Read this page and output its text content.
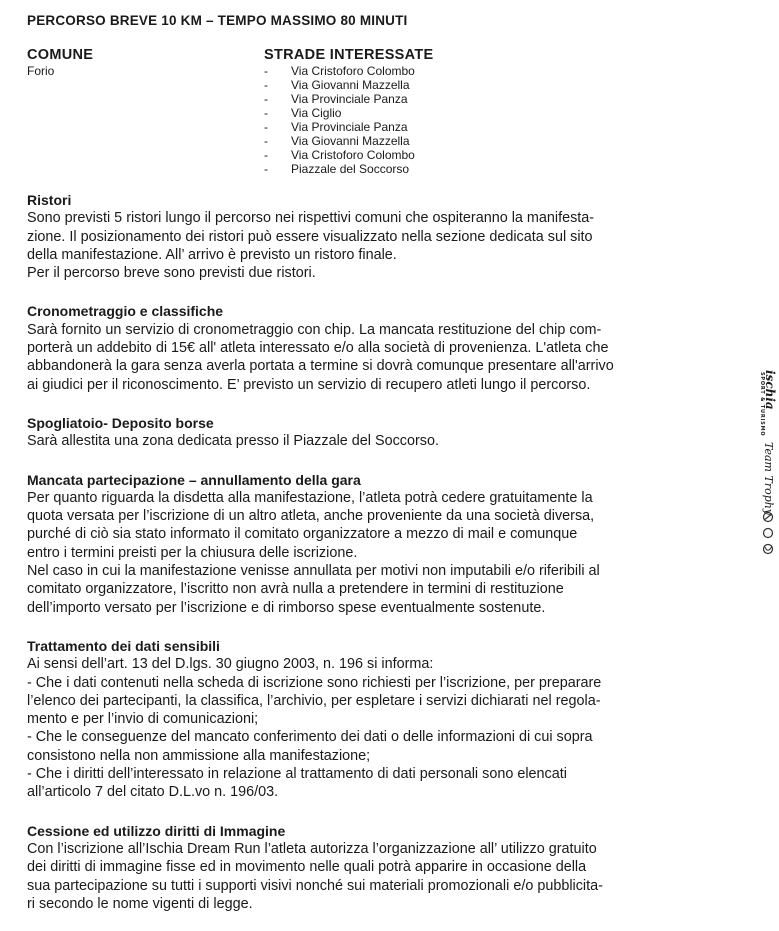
PERCORSO BREVE 10 KM – TEMPO MASSIMO 80 MINUTI
COMUNE
Forio
STRADE INTERESSATE
-	Via Cristoforo Colombo
-	Via Giovanni Mazzella
-	Via Provinciale Panza
-	Via Ciglio
-	Via Provinciale Panza
-	Via Giovanni Mazzella
-	Via Cristoforo Colombo
-	Piazzale del Soccorso
Ristori

Sono previsti 5 ristori lungo il percorso nei rispettivi comuni che ospiteranno la manifesta-

zione. Il posizionamento dei ristori può essere visualizzato nella sezione dedicata sul sito

della manifestazione. All’ arrivo è previsto un ristoro finale.

Per il percorso breve sono previsti due ristori.

Cronometraggio e classifiche

Sarà fornito un servizio di cronometraggio con chip. La mancata restituzione del chip com-

porterà un addebito di 15€ all' atleta interessato e/o alla società di provenienza. L'atleta che

abbandonerà la gara senza averla portata a termine si dovrà comunque presentare all'arrivo

ai giudici per il riconoscimento. E’ previsto un servizio di recupero atleti lungo il percorso.

Spogliatoio- Deposito borse

Sarà allestita una zona dedicata presso il Piazzale del Soccorso.

Mancata partecipazione – annullamento della gara

Per quanto riguarda la disdetta alla manifestazione, l’atleta potrà cedere gratuitamente la

quota versata per l’iscrizione di un altro atleta, anche proveniente da una società diversa,

purché di ciò sia stato informato il comitato organizzatore a mezzo di mail e comunque

entro i termini preisti per la chiusura delle iscrizione.

Nel caso in cui la manifestazione venisse annullata per motivi non imputabili e/o riferibili al

comitato organizzatore, l’iscritto non avrà nulla a pretendere in termini di restituzione

dell’importo versato per l’iscrizione e di rimborso spese eventualmente sostenute.

Trattamento dei dati sensibili

Ai sensi dell’art. 13 del D.lgs. 30 giugno 2003, n. 196 si informa:

- Che i dati contenuti nella scheda di iscrizione sono richiesti per l’iscrizione, per preparare

l’elenco dei partecipanti, la classifica, l’archivio, per espletare i servizi dichiarati nel regola-

mento e per l’invio di comunicazioni;

- Che le conseguenze del mancato conferimento dei dati o delle informazioni di cui sopra

consistono nella non ammissione alla manifestazione;

- Che i diritti dell’interessato in relazione al trattamento di dati personali sono elencati

all’articolo 7 del citato D.L.vo n. 196/03.

Cessione ed utilizzo diritti di Immagine

Con l’iscrizione all’Ischia Dream Run l’atleta autorizza l’organizzazione all’ utilizzo gratuito

dei diritti di immagine fisse ed in movimento nelle quali potrà apparire in occasione della

sua partecipazione su tutti i supporti visivi nonché sui materiali promozionali e/o pubblicita-

ri secondo le nome vigenti di legge.

ischia
SPORT & TURISMO
Team Trophy
